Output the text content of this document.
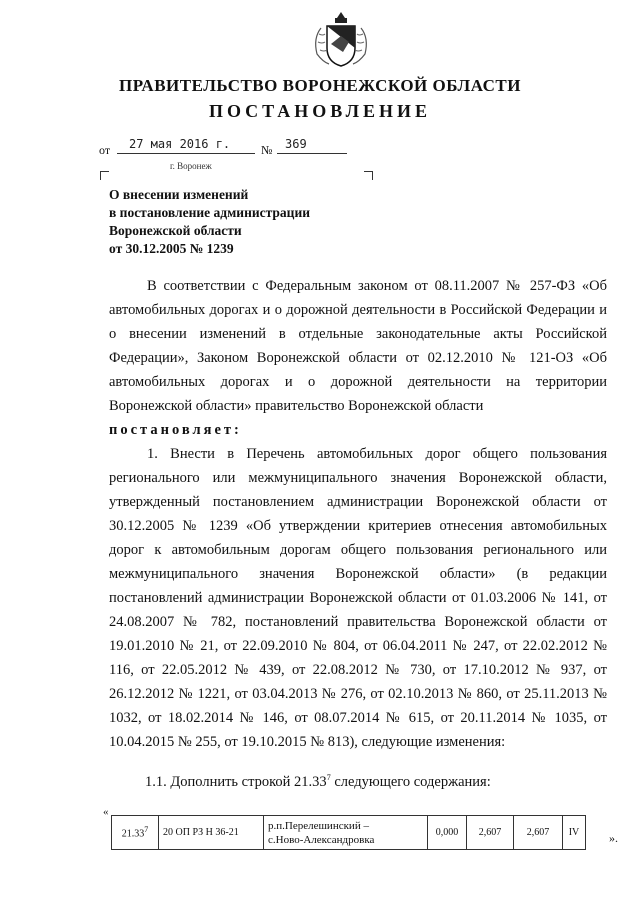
ПРАВИТЕЛЬСТВО ВОРОНЕЖСКОЙ ОБЛАСТИ
ПОСТАНОВЛЕНИЕ
от 27 мая 2016 г.	№ 369
г. Воронеж
О внесении изменений
в постановление администрации
Воронежской области
от 30.12.2005 № 1239

В соответствии с Федеральным законом от 08.11.2007 № 257-ФЗ «Об автомобильных дорогах и о дорожной деятельности в Российской Федерации и о внесении изменений в отдельные законодательные акты Российской Федерации», Законом Воронежской области от 02.12.2010 № 121-ОЗ «Об автомобильных дорогах и о дорожной деятельности на территории Воронежской области» правительство Воронежской области

постановляет:

1. Внести в Перечень автомобильных дорог общего пользования регионального или межмуниципального значения Воронежской области, утвержденный постановлением администрации Воронежской области от 30.12.2005 № 1239 «Об утверждении критериев отнесения автомобильных дорог к автомобильным дорогам общего пользования регионального или межмуниципального значения Воронежской области» (в редакции постановлений администрации Воронежской области от 01.03.2006 № 141, от 24.08.2007 № 782, постановлений правительства Воронежской области от 19.01.2010 № 21, от 22.09.2010 № 804, от 06.04.2011 № 247, от 22.02.2012 № 116, от 22.05.2012 № 439, от 22.08.2012 № 730, от 17.10.2012 № 937, от 26.12.2012 № 1221, от 03.04.2013 № 276, от 02.10.2013 № 860, от 25.11.2013 № 1032, от 18.02.2014 № 146, от 08.07.2014 № 615, от 20.11.2014 № 1035, от 10.04.2015 № 255, от 19.10.2015 № 813), следующие изменения:

1.1. Дополнить строкой 21.33$^7$ следующего содержания:
«
21.33$^7$	20 ОП РЗ Н 36-21	
р.п.Перелешинский –
с.Ново-Александровка
	0,000	2,607	2,607	IV ».
